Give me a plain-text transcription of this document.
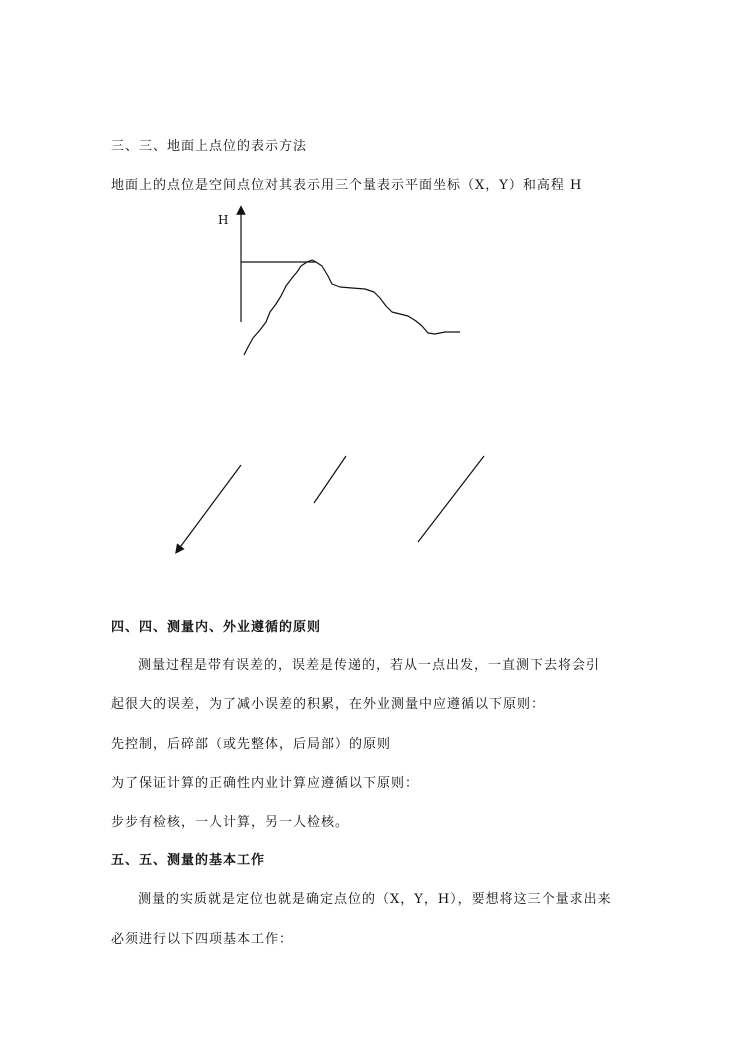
三、三、地面上点位的表示方法
地面上的点位是空间点位对其表示用三个量表示平面坐标（X，Y）和高程 H
H
四、四、测量内、外业遵循的原则
测量过程是带有误差的，误差是传递的，若从一点出发，一直测下去将会引
起很大的误差，为了减小误差的积累，在外业测量中应遵循以下原则：
先控制，后碎部（或先整体，后局部）的原则
为了保证计算的正确性内业计算应遵循以下原则：
步步有检核，一人计算，另一人检核。
五、五、测量的基本工作
测量的实质就是定位也就是确定点位的（X，Y，H），要想将这三个量求出来
必须进行以下四项基本工作：
